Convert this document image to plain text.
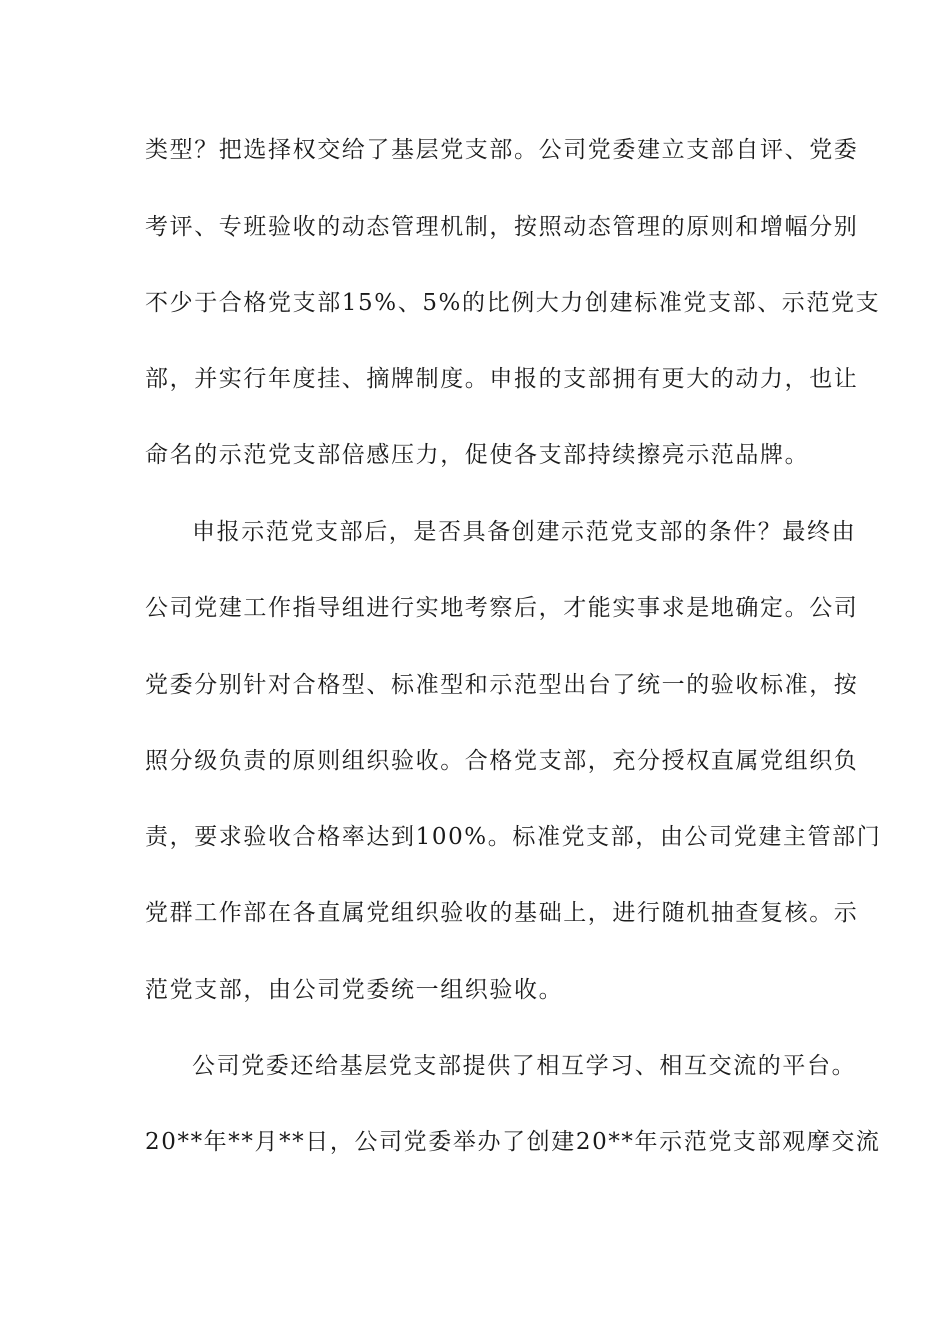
类型？把选择权交给了基层党支部。公司党委建立支部自评、党委
考评、专班验收的动态管理机制，按照动态管理的原则和增幅分别
不少于合格党支部15%、5%的比例大力创建标准党支部、示范党支
部，并实行年度挂、摘牌制度。申报的支部拥有更大的动力，也让
命名的示范党支部倍感压力，促使各支部持续擦亮示范品牌。
申报示范党支部后，是否具备创建示范党支部的条件？最终由
公司党建工作指导组进行实地考察后，才能实事求是地确定。公司
党委分别针对合格型、标准型和示范型出台了统一的验收标准，按
照分级负责的原则组织验收。合格党支部，充分授权直属党组织负
责，要求验收合格率达到100%。标准党支部，由公司党建主管部门
党群工作部在各直属党组织验收的基础上，进行随机抽查复核。示
范党支部，由公司党委统一组织验收。
公司党委还给基层党支部提供了相互学习、相互交流的平台。
20**年**月**日，公司党委举办了创建20**年示范党支部观摩交流
